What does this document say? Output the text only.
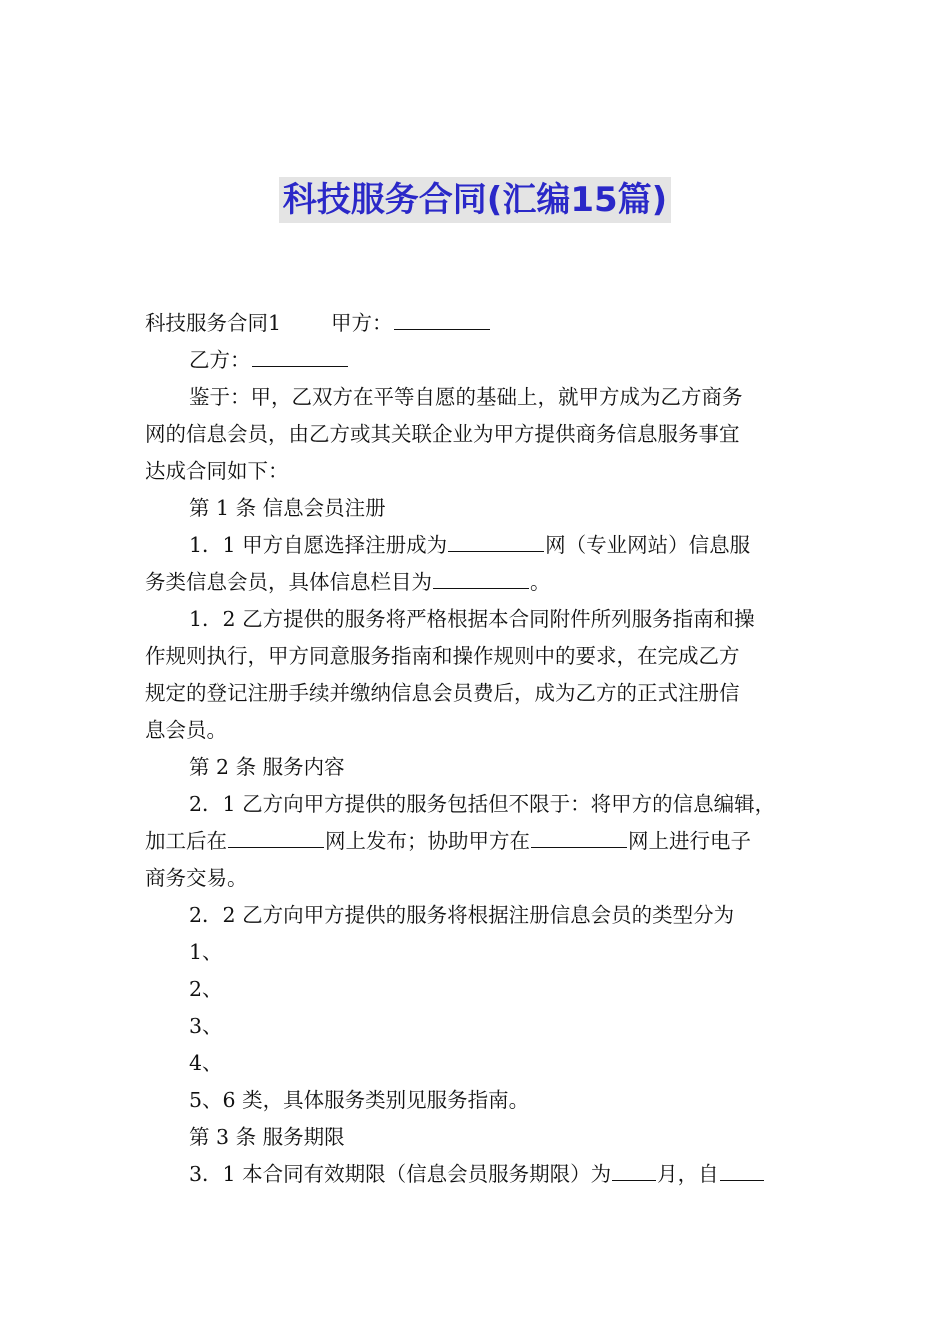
科技服务合同(汇编15篇)
科技服务合同1 甲方：
乙方：
鉴于：甲，乙双方在平等自愿的基础上，就甲方成为乙方商务
网的信息会员，由乙方或其关联企业为甲方提供商务信息服务事宜
达成合同如下：
第 1 条 信息会员注册
1．1 甲方自愿选择注册成为	网（专业网站）信息服
务类信息会员，具体信息栏目为	。
1．2 乙方提供的服务将严格根据本合同附件所列服务指南和操
作规则执行，甲方同意服务指南和操作规则中的要求，在完成乙方
规定的登记注册手续并缴纳信息会员费后，成为乙方的正式注册信
息会员。
第 2 条 服务内容
2．1 乙方向甲方提供的服务包括但不限于：将甲方的信息编辑，
加工后在	网上发布；协助甲方在	网上进行电子
商务交易。
2．2 乙方向甲方提供的服务将根据注册信息会员的类型分为
1、
2、
3、
4、
5、6 类，具体服务类别见服务指南。
第 3 条 服务期限
3．1 本合同有效期限（信息会员服务期限）为 月，自
